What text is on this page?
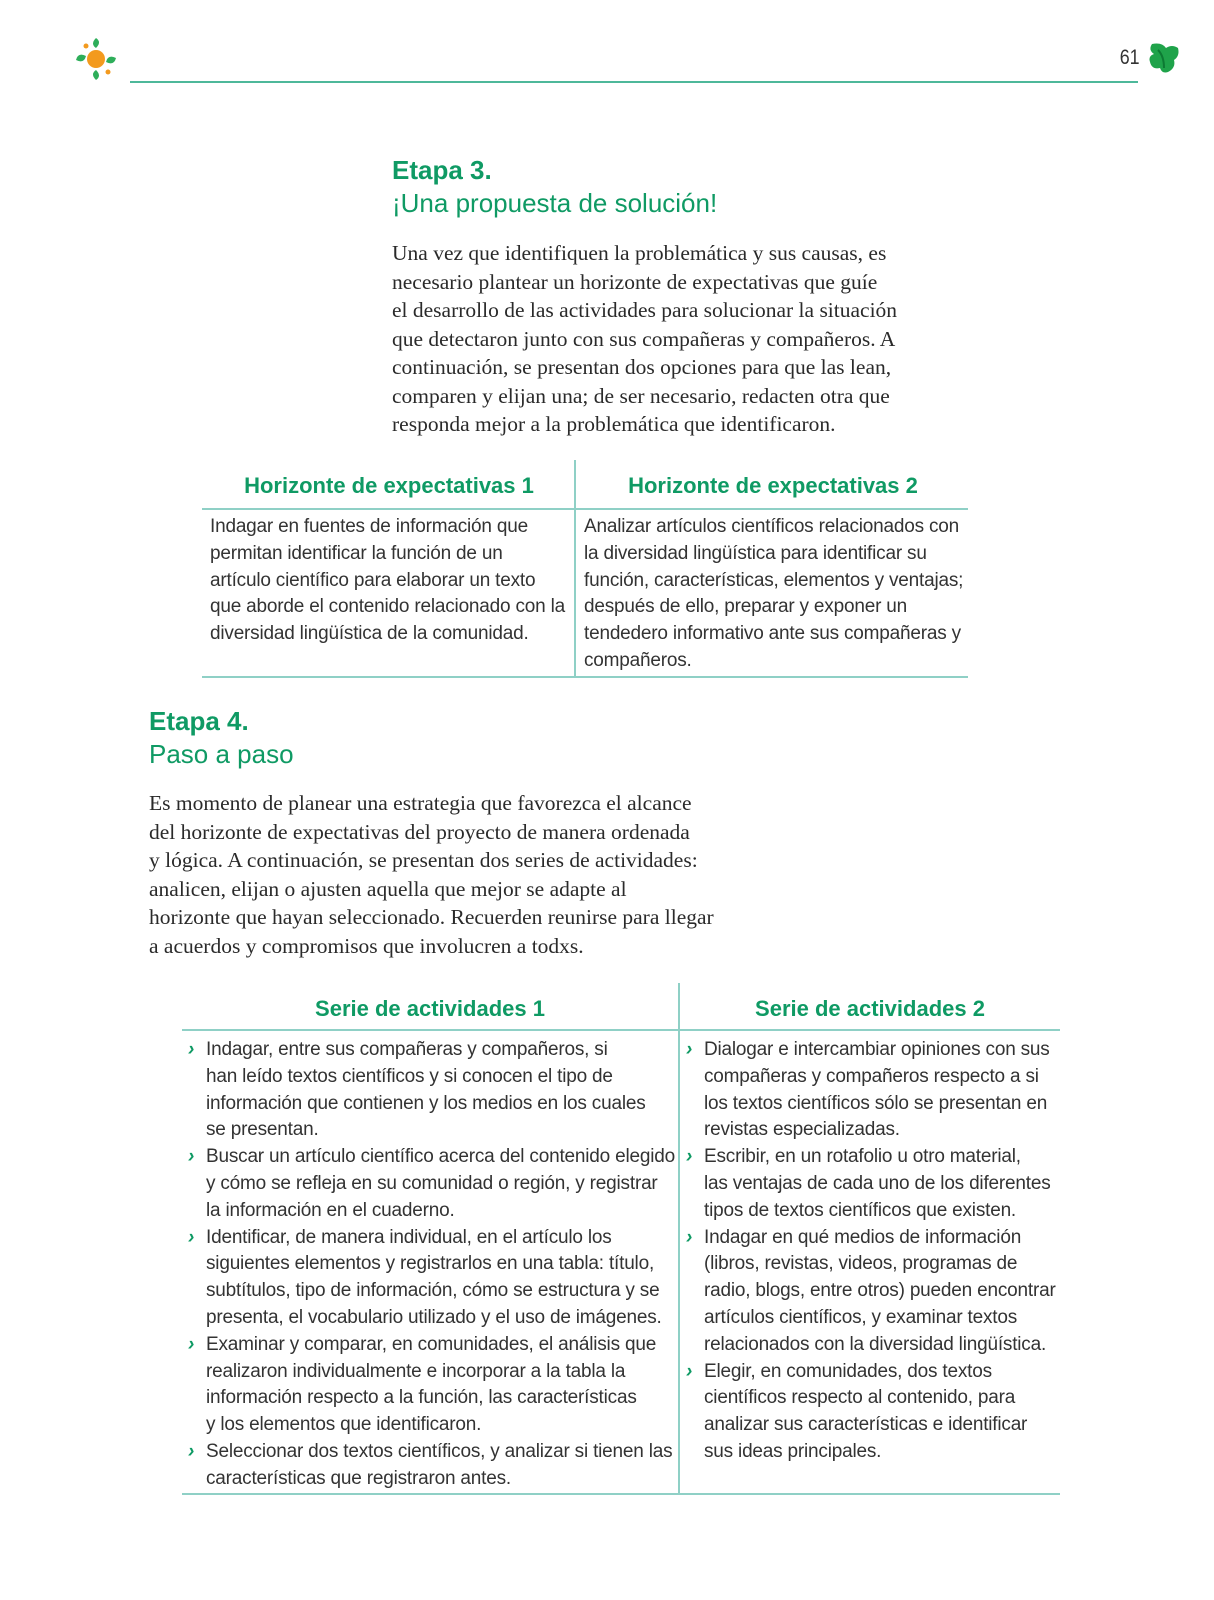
61
Etapa 3.
¡Una propuesta de solución!
Una vez que identifiquen la problemática y sus causas, es
necesario plantear un horizonte de expectativas que guíe
el desarrollo de las actividades para solucionar la situación
que detectaron junto con sus compañeras y compañeros. A
continuación, se presentan dos opciones para que las lean,
comparen y elijan una; de ser necesario, redacten otra que
responda mejor a la problemática que identificaron.
Horizonte de expectativas 1	Horizonte de expectativas 2
Indagar en fuentes de información que
permitan identificar la función de un
artículo científico para elaborar un texto
que aborde el contenido relacionado con la
diversidad lingüística de la comunidad.
Analizar artículos científicos relacionados con
la diversidad lingüística para identificar su
función, características, elementos y ventajas;
después de ello, preparar y exponer un
tendedero informativo ante sus compañeras y
compañeros.
Etapa 4.
Paso a paso
Es momento de planear una estrategia que favorezca el alcance
del horizonte de expectativas del proyecto de manera ordenada
y lógica. A continuación, se presentan dos series de actividades:
analicen, elijan o ajusten aquella que mejor se adapte al
horizonte que hayan seleccionado. Recuerden reunirse para llegar
a acuerdos y compromisos que involucren a todxs.
Serie de actividades 1	Serie de actividades 2
› Indagar, entre sus compañeras y compañeros, si
han leído textos científicos y si conocen el tipo de
información que contienen y los medios en los cuales
se presentan.
› Buscar un artículo científico acerca del contenido elegido
y cómo se refleja en su comunidad o región, y registrar
la información en el cuaderno.
› Identificar, de manera individual, en el artículo los
siguientes elementos y registrarlos en una tabla: título,
subtítulos, tipo de información, cómo se estructura y se
presenta, el vocabulario utilizado y el uso de imágenes.
› Examinar y comparar, en comunidades, el análisis que
realizaron individualmente e incorporar a la tabla la
información respecto a la función, las características
y los elementos que identificaron.
› Seleccionar dos textos científicos, y analizar si tienen las
características que registraron antes.
› Dialogar e intercambiar opiniones con sus
compañeras y compañeros respecto a si
los textos científicos sólo se presentan en
revistas especializadas.
› Escribir, en un rotafolio u otro material,
las ventajas de cada uno de los diferentes
tipos de textos científicos que existen.
› Indagar en qué medios de información
(libros, revistas, videos, programas de
radio, blogs, entre otros) pueden encontrar
artículos científicos, y examinar textos
relacionados con la diversidad lingüística.
› Elegir, en comunidades, dos textos
científicos respecto al contenido, para
analizar sus características e identificar
sus ideas principales.
